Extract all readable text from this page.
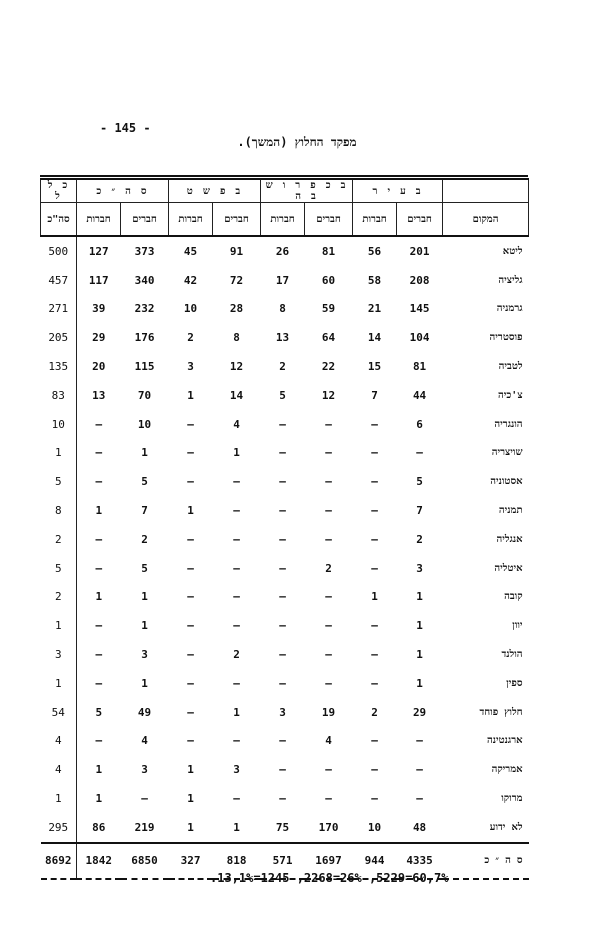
- 145 -
מפקד החלוץ (המשך).
	ב ע י ר		ב כ פ ר ו ש ב ה		ב פ ש ט		ס ה ״ כ		כ ל ל
המקום	חברים	חברות	חברים	חברות	חברים	חברות	חברים	חברות	סה"כ
ליטא	201	56	81	26	91	45	373	127	500
גליציה	208	58	60	17	72	42	340	117	457
גרמניה	145	21	59	8	28	10	232	39	271
פוסטריה	104	14	64	13	8	2	176	29	205
לטביה	81	15	22	2	12	3	115	20	135
צ'כיה	44	7	12	5	14	1	70	13	83
הונגריה	6	—	—	—	4	—	10	—	10
שויצריה	—	—	—	—	1	—	1	—	1
אסטוניה	5	—	—	—	—	—	5	—	5
תמניה	7	—	—	—	—	1	7	1	8
אנגליה	2	—	—	—	—	—	2	—	2
איטליה	3	—	2	—	—	—	5	—	5
קובה	1	1	—	—	—	—	1	1	2
יוון	1	—	—	—	—	—	1	—	1
הולנד	1	—	—	—	2	—	3	—	3
ספין	1	—	—	—	—	—	1	—	1
חלוץ פוחד	29	2	19	3	1	—	49	5	54
ארגנטינה	—	—	4	—	—	—	4	—	4
אמריקה	—	—	—	—	3	1	3	1	4
מרוקו	—	—	—	—	—	1	—	1	1
לא ידוע	48	10	170	75	1	1	219	86	295
ס ה ״ כ	4335	944	1697	571	818	327	6850	1842	8692
.13,1%=1245 ,2268=26% ,5229=60,7%
